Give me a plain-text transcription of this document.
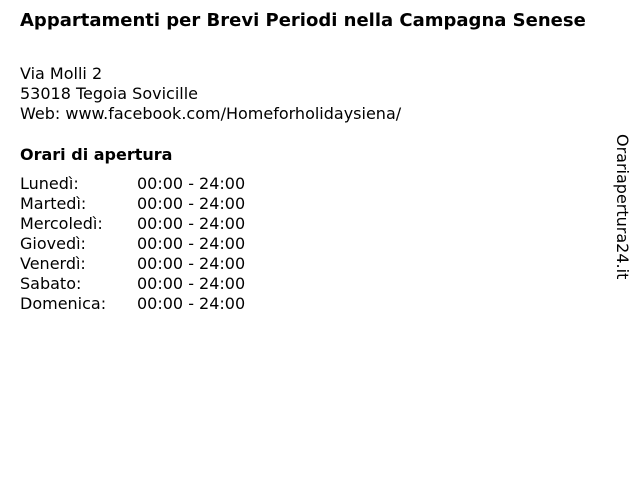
Appartamenti per Brevi Periodi nella Campagna Senese
Via Molli 2
53018 Tegoia Sovicille
Web: www.facebook.com/Homeforholidaysiena/
Orari di apertura
Lunedì:	00:00 - 24:00
Martedì:	00:00 - 24:00
Mercoledì:	00:00 - 24:00
Giovedì:	00:00 - 24:00
Venerdì:	00:00 - 24:00
Sabato:	00:00 - 24:00
Domenica:	00:00 - 24:00
Orariapertura24.it
